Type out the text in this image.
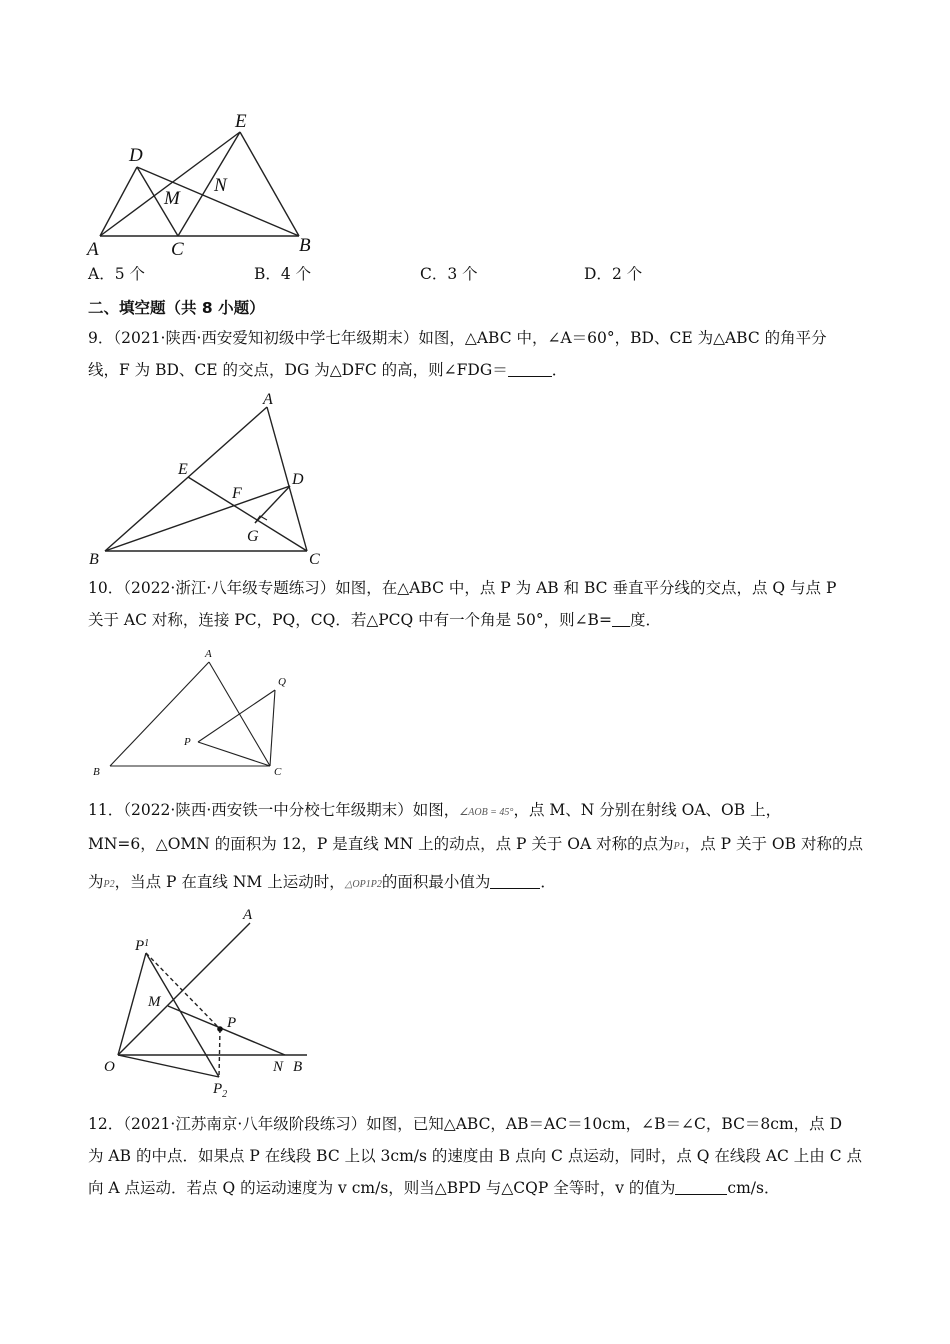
A	C	B
D
E
M
N
A．5 个	B．4 个	C．3 个	D．2 个
二、填空题（共 8 小题）

9．（2021·陕西·西安爱知初级中学七年级期末）如图，△ABC 中，∠A＝60°，BD、CE 为△ABC 的角平分

线，F 为 BD、CE 的交点，DG 为△DFC 的高，则∠FDG＝	．

A
B	C
D
E
F
G

10．（2022·浙江·八年级专题练习）如图，在△ABC 中，点 P 为 AB 和 BC 垂直平分线的交点，点 Q 与点 P

关于 AC 对称，连接 PC，PQ，CQ．若△PCQ 中有一个角是 50°，则∠B= 度．

A
B	C
P
Q

11．（2022·陕西·西安铁一中分校七年级期末）如图，∠AOB = 45°，点 M、N 分别在射线 OA、OB 上，

MN=6，△OMN 的面积为 12，P 是直线 MN 上的动点，点 P 关于 OA 对称的点为P1，点 P 关于 OB 对称的点

为P2，当点 P 在直线 NM 上运动时，△OP1P2的面积最小值为	．

A
O
M
P
N B
$P^1$
$P_2$

12．（2021·江苏南京·八年级阶段练习）如图，已知△ABC，AB＝AC＝10cm，∠B＝∠C，BC＝8cm，点 D

为 AB 的中点．如果点 P 在线段 BC 上以 3cm/s 的速度由 B 点向 C 点运动，同时，点 Q 在线段 AC 上由 C 点

向 A 点运动．若点 Q 的运动速度为 v cm/s，则当△BPD 与△CQP 全等时，v 的值为	cm/s．
